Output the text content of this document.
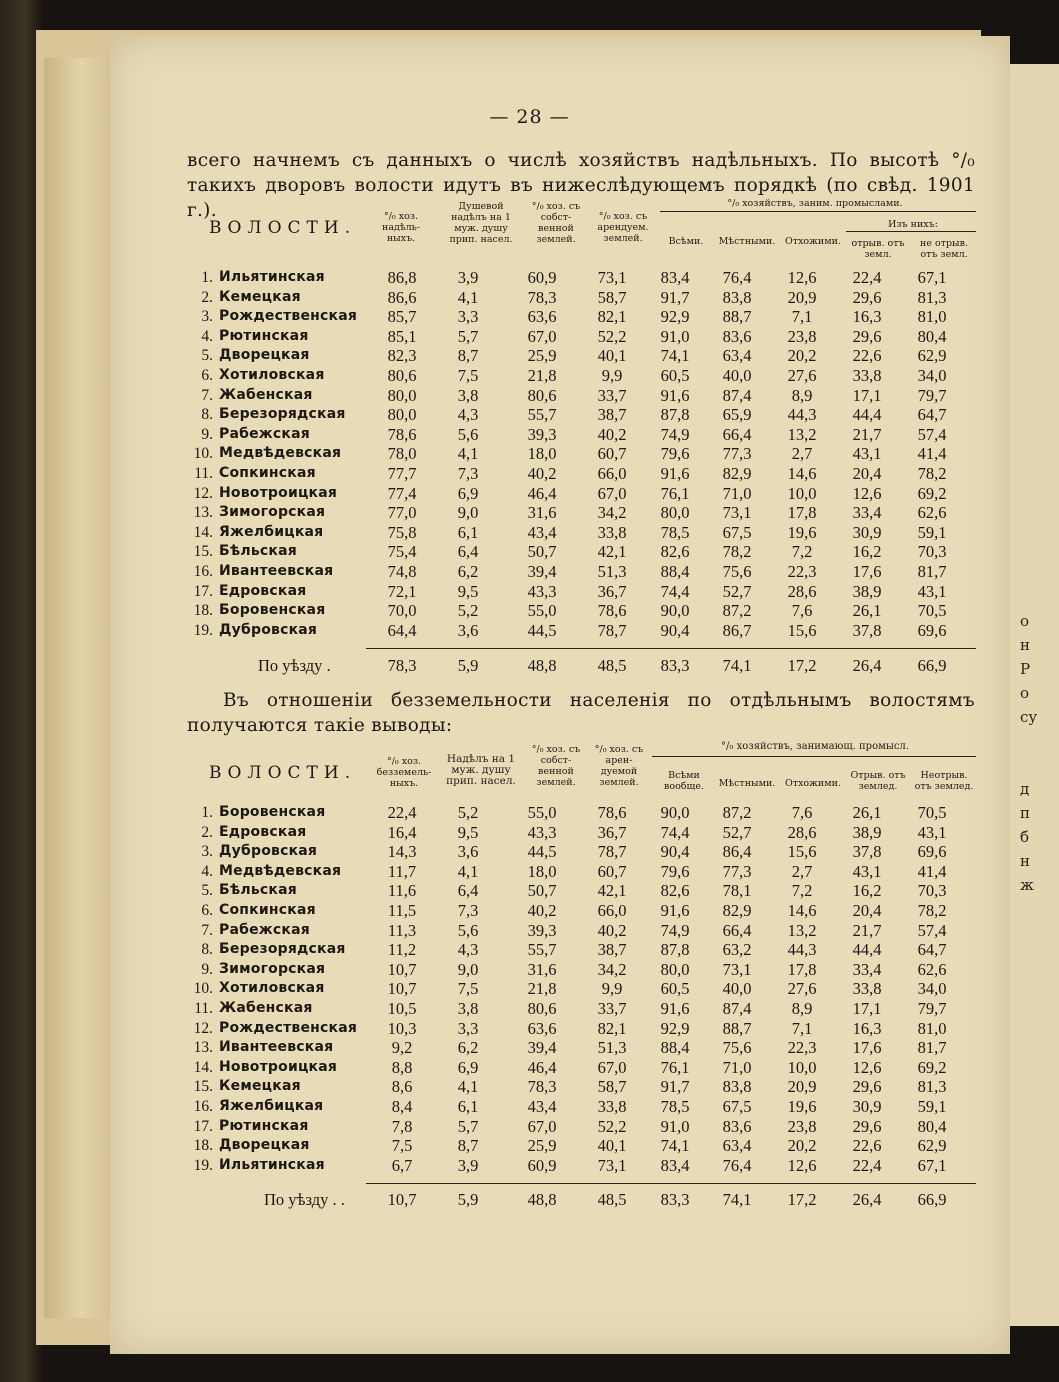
о
н
Р
о
су
д
п
б
н
ж
— 28 —
всего начнемъ съ данныхъ о числѣ хозяйствъ надѣльныхъ. По высотѣ °/₀ такихъ дворовъ волости идутъ въ нижеслѣдующемъ порядкѣ (по свѣд. 1901 г.).
ВОЛОСТИ.
°/₀ хоз. надѣль- ныхъ.
Душевой надѣлъ на 1 муж. душу прип. насел.
°/₀ хоз. съ собст- венной землей.
°/₀ хоз. съ арендуем. землей.
°/₀ хозяйствъ, заним. промыслами.
Изъ нихъ:
Всѣми.	Мѣстными.	Отхожими.	отрыв. отъ земл.
не отрыв. отъ земл.
1.	Ильятинская	86,8	3,9	60,9	73,1	83,4	76,4	12,6	22,4	67,1
2.	Кемецкая	86,6	4,1	78,3	58,7	91,7	83,8	20,9	29,6	81,3
3.	Рождественская	85,7	3,3	63,6	82,1	92,9	88,7	7,1	16,3	81,0
4.	Рютинская	85,1	5,7	67,0	52,2	91,0	83,6	23,8	29,6	80,4
5.	Дворецкая	82,3	8,7	25,9	40,1	74,1	63,4	20,2	22,6	62,9
6.	Хотиловская	80,6	7,5	21,8	9,9	60,5	40,0	27,6	33,8	34,0
7.	Жабенская	80,0	3,8	80,6	33,7	91,6	87,4	8,9	17,1	79,7
8.	Березорядская	80,0	4,3	55,7	38,7	87,8	65,9	44,3	44,4	64,7
9.	Рабежская	78,6	5,6	39,3	40,2	74,9	66,4	13,2	21,7	57,4
10.	Медвѣдевская	78,0	4,1	18,0	60,7	79,6	77,3	2,7	43,1	41,4
11.	Сопкинская	77,7	7,3	40,2	66,0	91,6	82,9	14,6	20,4	78,2
12.	Новотроицкая	77,4	6,9	46,4	67,0	76,1	71,0	10,0	12,6	69,2
13.	Зимогорская	77,0	9,0	31,6	34,2	80,0	73,1	17,8	33,4	62,6
14.	Яжелбицкая	75,8	6,1	43,4	33,8	78,5	67,5	19,6	30,9	59,1
15.	Бѣльская	75,4	6,4	50,7	42,1	82,6	78,2	7,2	16,2	70,3
16.	Ивантеевская	74,8	6,2	39,4	51,3	88,4	75,6	22,3	17,6	81,7
17.	Едровская	72,1	9,5	43,3	36,7	74,4	52,7	28,6	38,9	43,1
18.	Боровенская	70,0	5,2	55,0	78,6	90,0	87,2	7,6	26,1	70,5
19.	Дубровская	64,4	3,6	44,5	78,7	90,4	86,7	15,6	37,8	69,6
По уѣзду .	78,3	5,9	48,8	48,5	83,3	74,1	17,2	26,4	66,9
Въ отношеніи безземельности населенія по отдѣльнымъ волостямъ получаются такіе выводы:
ВОЛОСТИ.
°/₀ хоз. безземель- ныхъ.
Надѣлъ на 1 муж. душу прип. насел.
°/₀ хоз. съ собст- венной землей.
°/₀ хоз. съ арен- дуемой землей.
°/₀ хозяйствъ, занимающ. промысл.
Всѣми вообще.	Мѣстными.	Отхожими.
Отрыв. отъ землед.
Неотрыв. отъ землед.
1.	Боровенская	22,4	5,2	55,0	78,6	90,0	87,2	7,6	26,1	70,5
2.	Едровская	16,4	9,5	43,3	36,7	74,4	52,7	28,6	38,9	43,1
3.	Дубровская	14,3	3,6	44,5	78,7	90,4	86,4	15,6	37,8	69,6
4.	Медвѣдевская	11,7	4,1	18,0	60,7	79,6	77,3	2,7	43,1	41,4
5.	Бѣльская	11,6	6,4	50,7	42,1	82,6	78,1	7,2	16,2	70,3
6.	Сопкинская	11,5	7,3	40,2	66,0	91,6	82,9	14,6	20,4	78,2
7.	Рабежская	11,3	5,6	39,3	40,2	74,9	66,4	13,2	21,7	57,4
8.	Березорядская	11,2	4,3	55,7	38,7	87,8	63,2	44,3	44,4	64,7
9.	Зимогорская	10,7	9,0	31,6	34,2	80,0	73,1	17,8	33,4	62,6
10.	Хотиловская	10,7	7,5	21,8	9,9	60,5	40,0	27,6	33,8	34,0
11.	Жабенская	10,5	3,8	80,6	33,7	91,6	87,4	8,9	17,1	79,7
12.	Рождественская	10,3	3,3	63,6	82,1	92,9	88,7	7,1	16,3	81,0
13.	Ивантеевская	9,2	6,2	39,4	51,3	88,4	75,6	22,3	17,6	81,7
14.	Новотроицкая	8,8	6,9	46,4	67,0	76,1	71,0	10,0	12,6	69,2
15.	Кемецкая	8,6	4,1	78,3	58,7	91,7	83,8	20,9	29,6	81,3
16.	Яжелбицкая	8,4	6,1	43,4	33,8	78,5	67,5	19,6	30,9	59,1
17.	Рютинская	7,8	5,7	67,0	52,2	91,0	83,6	23,8	29,6	80,4
18.	Дворецкая	7,5	8,7	25,9	40,1	74,1	63,4	20,2	22,6	62,9
19.	Ильятинская	6,7	3,9	60,9	73,1	83,4	76,4	12,6	22,4	67,1
По уѣзду . .	10,7	5,9	48,8	48,5	83,3	74,1	17,2	26,4	66,9
